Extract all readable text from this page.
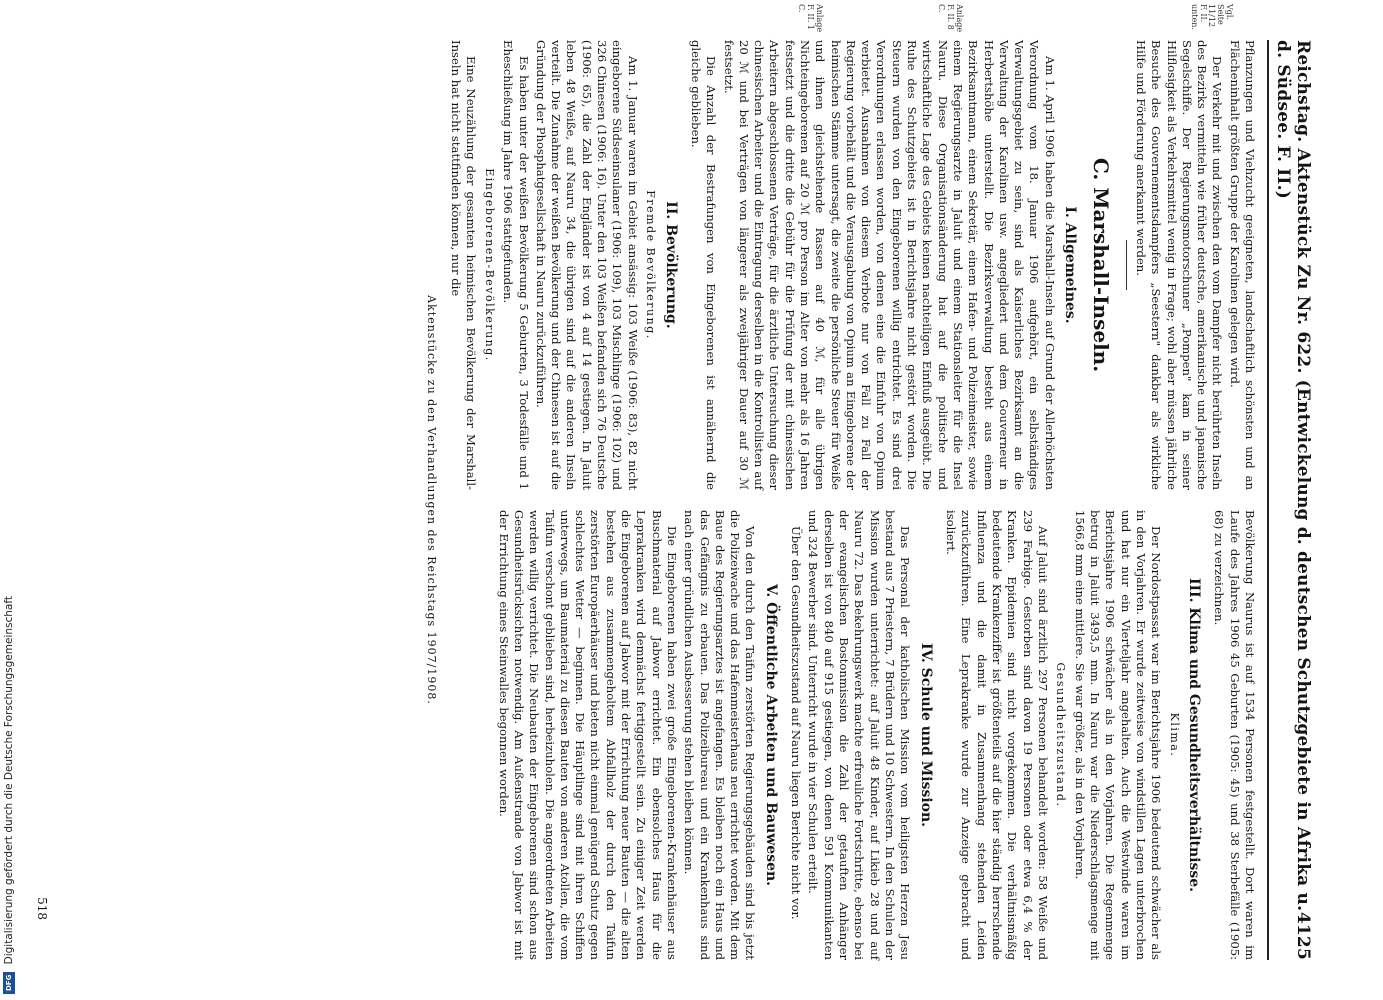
Digitalisierung gefördert durch die Deutsche Forschungsgemeinschaft
DFG
Reichstag. Aktenstück Zu Nr. 622. (Entwickelung d. deutschen Schutzgebiete in Afrika u. d. Südsee. F. II.)
4125
Vgl. Seite 11/12 F. II. unten.
Anlage F. II. 8 C.
Anlage F. II. 1 C.

Pflanzungen und Viehzucht geeigneten, landschaftlich schönsten und an Flächeninhalt größten Gruppe der Karolinen gelegen wird.

Der Verkehr mit und zwischen den vom Dampfer nicht berührten Inseln des Bezirks vermitteln wie früher deutsche, amerikanische und japanische Segelschiffe. Der Regierungsmotorschuner „Pompen" kam in seiner Hilflosigkeit als Verkehrsmittel wenig in Frage; wohl aber müssen jährliche Besuche des Gouvernementsdampfers „Seestern" dankbar als wirkliche Hilfe und Förderung anerkannt werden.

C. Marshall-Inseln.
I. Allgemeines.

Am 1. April 1906 haben die Marshall-Inseln auf Grund der Allerhöchsten Verordnung vom 18. Januar 1906 aufgehört, ein selbständiges Verwaltungsgebiet zu sein, sind als Kaiserliches Bezirksamt an die Verwaltung der Karolinen usw. angegliedert und dem Gouverneur in Herbertshöhe unterstellt. Die Bezirksverwaltung besteht aus einem Bezirksamtmann, einem Sekretär, einem Hafen- und Polizeimeister, sowie einem Regierungsarzte in Jaluit und einem Stationsleiter für die Insel Nauru. Diese Organisationsänderung hat auf die politische und wirtschaftliche Lage des Gebiets keinen nachteiligen Einfluß ausgeübt. Die Ruhe des Schutzgebiets ist in Berichtsjahre nicht gestört worden. Die Steuern wurden von den Eingeborenen willig entrichtet. Es sind drei Verordnungen erlassen worden, von denen eine die Einfuhr von Opium verbietet. Ausnahmen von diesem Verbote nur von Fall zu Fall der Regierung vorbehält und die Verausgabung von Opium an Eingeborene der heimischen Stämme untersagt, die zweite die persönliche Steuer für Weiße und ihnen gleichstehende Rassen auf 40 ℳ, für alle übrigen Nichteingeborenen auf 20 ℳ pro Person im Alter von mehr als 16 Jahren festsetzt und die dritte die Gebühr für die Prüfung der mit chinesischen Arbeitern abgeschlossenen Verträge, für die ärztliche Untersuchung dieser chinesischen Arbeiter und die Eintragung derselben in die Kontrollisten auf 20 ℳ und bei Verträgen von längerer als zweijähriger Dauer auf 30 ℳ festsetzt.

Die Anzahl der Bestrafungen von Eingeborenen ist annähernd die gleiche geblieben.

II. Bevölkerung.
Fremde Bevölkerung.

Am 1. Januar waren im Gebiet ansässig: 103 Weiße (1906: 83), 82 nicht eingeborene Südseeinsulaner (1906: 109), 103 Mischlinge (1906: 102) und 326 Chinesen (1906: 16). Unter den 103 Weißen befanden sich 76 Deutsche (1906: 65), die Zahl der Engländer ist von 4 auf 14 gestiegen. In Jaluit leben 48 Weiße, auf Nauru 34, die übrigen sind auf die anderen Inseln verteilt. Die Zunahme der weißen Bevölkerung und der Chinesen ist auf die Gründung der Phosphatgesellschaft in Nauru zurückzuführen.

Es haben unter der weißen Bevölkerung 5 Geburten, 3 Todesfälle und 1 Eheschließung im Jahre 1906 stattgefunden.

Eingeborenen-Bevölkerung.

Eine Neuzählung der gesamten heimischen Bevölkerung der Marshall-Inseln hat nicht stattfinden können, nur die

Bevölkerung Naurus ist auf 1534 Personen festgestellt. Dort waren im Laufe des Jahres 1906 45 Geburten (1905: 45) und 38 Sterbefälle (1905: 68) zu verzeichnen.

III. Klima und Gesundheitsverhältnisse.
Klima.

Der Nordostpassat war im Berichtsjahre 1906 bedeutend schwächer als in den Vorjahren. Er wurde zeitweise von windstillen Lagen unterbrochen und hat nur ein Vierteljahr angehalten. Auch die Westwinde waren im Berichtsjahre 1906 schwächer als in den Vorjahren. Die Regenmenge betrug in Jaluit 3493,5 mm. In Nauru war die Niederschlagsmenge mit 1566,8 mm eine mittlere. Sie war größer, als in den Vorjahren.

Gesundheitszustand.

Auf Jaluit sind ärztlich 297 Personen behandelt worden: 58 Weiße und 239 Farbige. Gestorben sind davon 19 Personen oder etwa 6,4 % der Kranken. Epidemien sind nicht vorgekommen. Die verhältnismäßig bedeutende Krankenziffer ist größtenteils auf die hier ständig herrschende Influenza und die damit in Zusammenhang stehenden Leiden zurückzuführen. Eine Leprakranke wurde zur Anzeige gebracht und isoliert.

IV. Schule und Mission.

Das Personal der katholischen Mission vom heiligsten Herzen Jesu bestand aus 7 Priestern, 7 Brüdern und 10 Schwestern. In den Schulen der Mission wurden unterrichtet: auf Jaluit 48 Kinder, auf Likieb 28 und auf Nauru 72. Das Bekehrungswerk machte erfreuliche Fortschritte, ebenso bei der evangelischen Bostonmission die Zahl der getauften Anhänger derselben ist von 840 auf 915 gestiegen, von denen 591 Kommunikanten und 324 Bewerber sind. Unterricht wurde in vier Schulen erteilt.

Über den Gesundheitszustand auf Nauru liegen Berichte nicht vor.

V. Öffentliche Arbeiten und Bauwesen.

Von den durch den Taifun zerstörten Regierungsgebäuden sind bis jetzt die Polizeiwache und das Hafenmeisterhaus neu errichtet worden. Mit dem Baue des Regierungsarztes ist angefangen. Es bleiben noch ein Haus und das Gefängnis zu erbauen. Das Polizeibureau und ein Krankenhaus sind nach einer gründlichen Ausbesserung stehen bleiben können.

Die Eingeborenen haben zwei große Eingeborenen-Krankenhäuser aus Buschmaterial auf Jabwor errichtet. Ein ebensolches Haus für die Leprakranken wird demnächst fertiggestellt sein. Zu einiger Zeit werden die Eingeborenen auf Jabwor mit der Errichtung neuer Bauten — die alten bestehen aus zusammengeholtem Abfallholz der durch den Taifun zerstörten Europäerhäuser und bieten nicht einmal genügend Schutz gegen schlechtes Wetter — beginnen. Die Häuptlinge sind mit ihren Schiffen unterwegs, um Baumaterial zu diesen Bauten von anderen Atollen, die vom Taifun verschont geblieben sind, herbeizuholen. Die angeordneten Arbeiten werden willig verrichtet. Die Neubauten der Eingeborenen sind schon aus Gesundheitsrücksichten notwendig. Am Außenstrande von Jabwor ist mit der Errichtung eines Steinwalles begonnen worden.

Aktenstücke zu den Verhandlungen des Reichstags 1907/1908.
518
